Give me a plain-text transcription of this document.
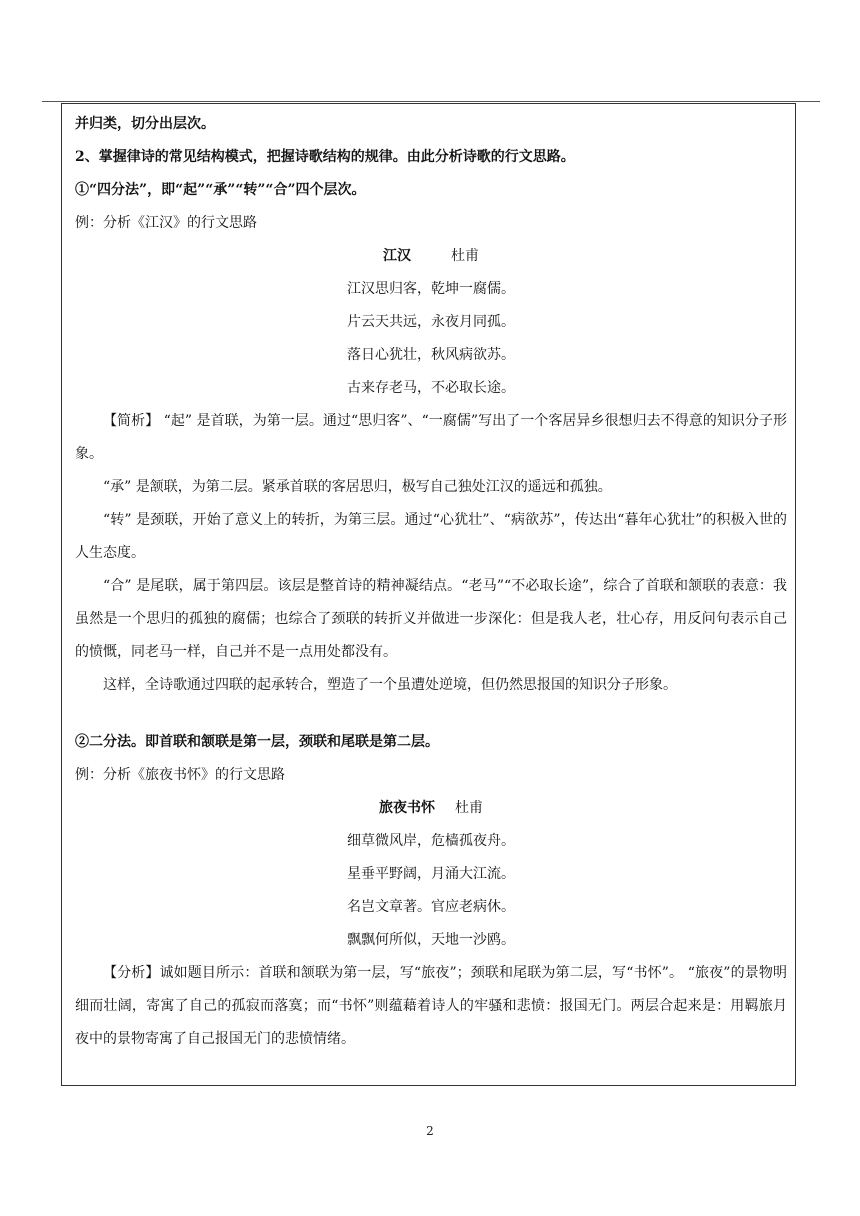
并归类，切分出层次。
2、掌握律诗的常见结构模式，把握诗歌结构的规律。由此分析诗歌的行文思路。
①“四分法”，即“起”“承”“转”“合”四个层次。
例：分析《江汉》的行文思路
江汉	杜甫
江汉思归客，乾坤一腐儒。
片云天共远，永夜月同孤。
落日心犹壮，秋风病欲苏。
古来存老马，不必取长途。
【简析】 “起” 是首联，为第一层。通过“思归客”、“一腐儒”写出了一个客居异乡很想归去不得意的知识分子形象。
“承” 是颔联，为第二层。紧承首联的客居思归，极写自己独处江汉的遥远和孤独。
“转” 是颈联，开始了意义上的转折，为第三层。通过“心犹壮”、“病欲苏”，传达出“暮年心犹壮”的积极入世的人生态度。
“合” 是尾联，属于第四层。该层是整首诗的精神凝结点。“老马”“不必取长途”，综合了首联和颔联的表意：我虽然是一个思归的孤独的腐儒；也综合了颈联的转折义并做进一步深化：但是我人老，壮心存，用反问句表示自己的愤慨，同老马一样，自己并不是一点用处都没有。
这样，全诗歌通过四联的起承转合，塑造了一个虽遭处逆境，但仍然思报国的知识分子形象。
②二分法。即首联和颔联是第一层，颈联和尾联是第二层。
例：分析《旅夜书怀》的行文思路
旅夜书怀 杜甫
细草微风岸，危樯孤夜舟。
星垂平野阔，月涌大江流。
名岂文章著。官应老病休。
飘飘何所似，天地一沙鸥。
【分析】诚如题目所示：首联和颔联为第一层，写“旅夜”；颈联和尾联为第二层，写“书怀”。 “旅夜”的景物明细而壮阔，寄寓了自己的孤寂而落寞；而“书怀”则蕴藉着诗人的牢骚和悲愤：报国无门。两层合起来是：用羁旅月夜中的景物寄寓了自己报国无门的悲愤情绪。
2
